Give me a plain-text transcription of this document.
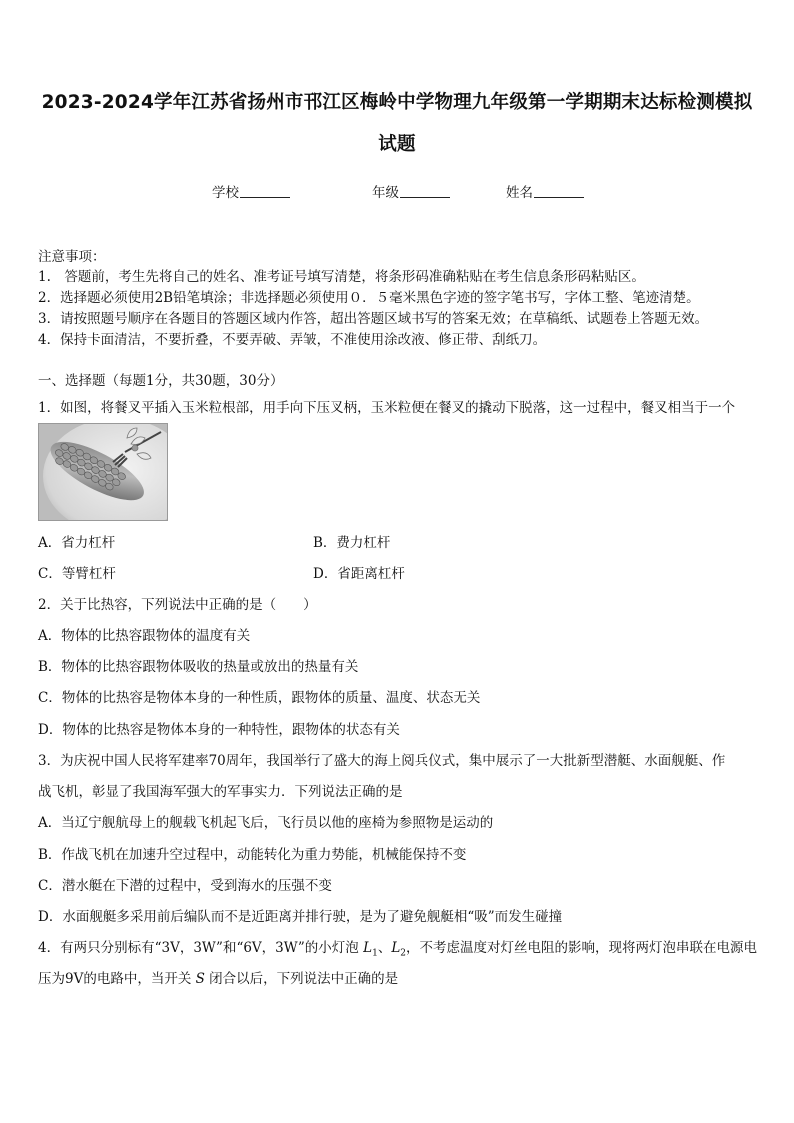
2023-2024学年江苏省扬州市邗江区梅岭中学物理九年级第一学期期末达标检测模拟
试题
学校	年级	姓名
注意事项：
1.　答题前，考生先将自己的姓名、准考证号填写清楚，将条形码准确粘贴在考生信息条形码粘贴区。
2．选择题必须使用2B铅笔填涂；非选择题必须使用０．５毫米黑色字迹的签字笔书写，字体工整、笔迹清楚。
3．请按照题号顺序在各题目的答题区域内作答，超出答题区域书写的答案无效；在草稿纸、试题卷上答题无效。
4．保持卡面清洁，不要折叠，不要弄破、弄皱，不准使用涂改液、修正带、刮纸刀。
一、选择题（每题1分，共30题，30分）
1．如图，将餐叉平插入玉米粒根部，用手向下压叉柄，玉米粒便在餐叉的撬动下脱落，这一过程中，餐叉相当于一个
A．省力杠杆	B．费力杠杆
C．等臂杠杆	D．省距离杠杆
2．关于比热容，下列说法中正确的是（　　）
A．物体的比热容跟物体的温度有关
B．物体的比热容跟物体吸收的热量或放出的热量有关
C．物体的比热容是物体本身的一种性质，跟物体的质量、温度、状态无关
D．物体的比热容是物体本身的一种特性，跟物体的状态有关
3．为庆祝中国人民将军建率70周年，我国举行了盛大的海上阅兵仪式，集中展示了一大批新型潜艇、水面舰艇、作
战飞机，彰显了我国海军强大的军事实力．下列说法正确的是
A．当辽宁舰航母上的舰载飞机起飞后，飞行员以他的座椅为参照物是运动的
B．作战飞机在加速升空过程中，动能转化为重力势能，机械能保持不变
C．潜水艇在下潜的过程中，受到海水的压强不变
D．水面舰艇多采用前后编队而不是近距离并排行驶，是为了避免舰艇相“吸”而发生碰撞
4．有两只分别标有“3V，3W”和“6V，3W”的小灯泡 $L_1$、$L_2$，不考虑温度对灯丝电阻的影响，现将两灯泡串联在电源电
压为9V的电路中，当开关 S 闭合以后，下列说法中正确的是
